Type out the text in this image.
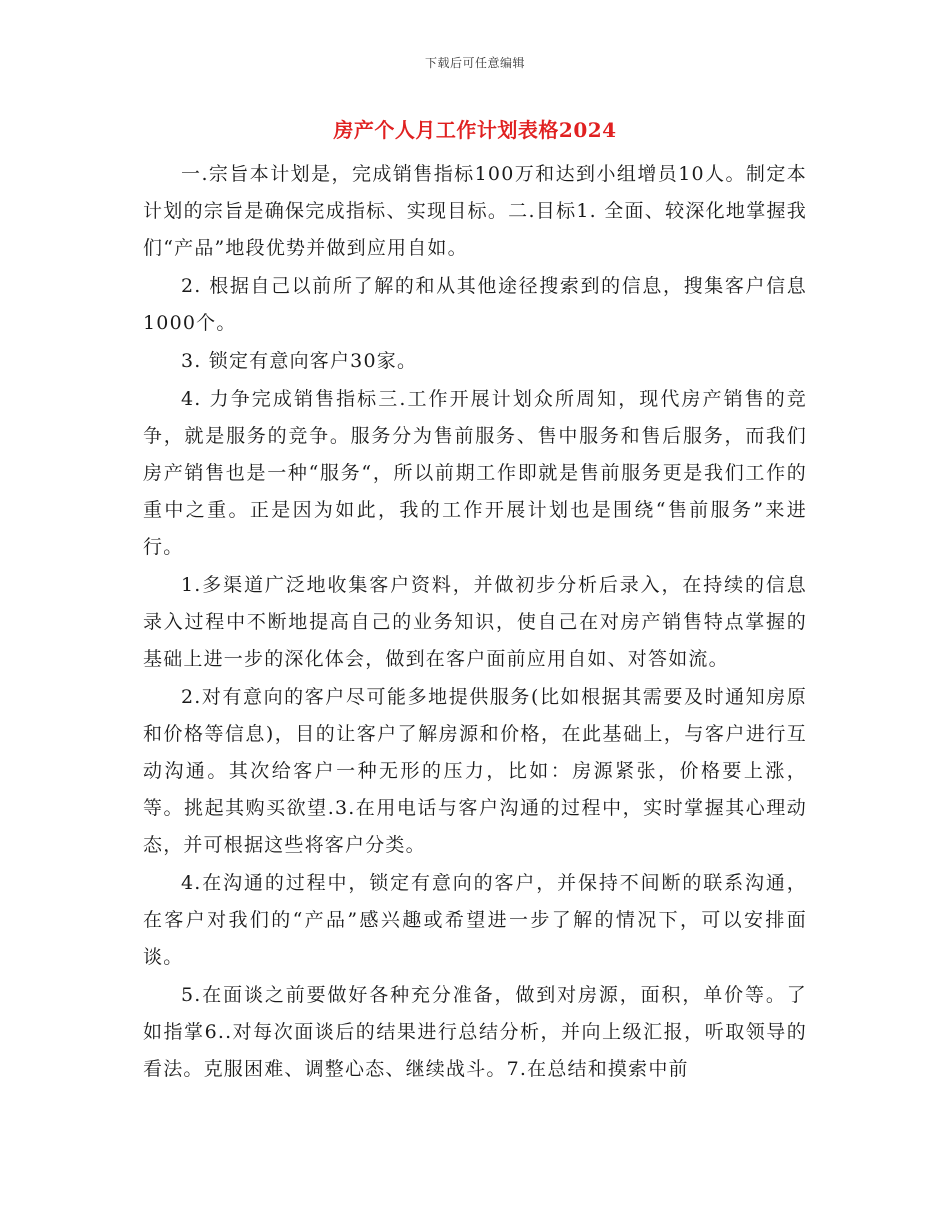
下载后可任意编辑
房产个人月工作计划表格2024

一.宗旨本计划是，完成销售指标100万和达到小组增员10人。制定本计划的宗旨是确保完成指标、实现目标。二.目标1. 全面、较深化地掌握我们“产品”地段优势并做到应用自如。

2. 根据自己以前所了解的和从其他途径搜索到的信息，搜集客户信息1000个。

3. 锁定有意向客户30家。

4. 力争完成销售指标三.工作开展计划众所周知，现代房产销售的竞争，就是服务的竞争。服务分为售前服务、售中服务和售后服务，而我们房产销售也是一种“服务“，所以前期工作即就是售前服务更是我们工作的重中之重。正是因为如此，我的工作开展计划也是围绕“售前服务”来进行。

1.多渠道广泛地收集客户资料，并做初步分析后录入，在持续的信息录入过程中不断地提高自己的业务知识，使自己在对房产销售特点掌握的基础上进一步的深化体会，做到在客户面前应用自如、对答如流。

2.对有意向的客户尽可能多地提供服务(比如根据其需要及时通知房原和价格等信息)，目的让客户了解房源和价格，在此基础上，与客户进行互动沟通。其次给客户一种无形的压力，比如：房源紧张，价格要上涨，等。挑起其购买欲望.3.在用电话与客户沟通的过程中，实时掌握其心理动态，并可根据这些将客户分类。

4.在沟通的过程中，锁定有意向的客户，并保持不间断的联系沟通，在客户对我们的“产品”感兴趣或希望进一步了解的情况下，可以安排面谈。

5.在面谈之前要做好各种充分准备，做到对房源，面积，单价等。了如指掌6..对每次面谈后的结果进行总结分析，并向上级汇报，听取领导的看法。克服困难、调整心态、继续战斗。7.在总结和摸索中前
